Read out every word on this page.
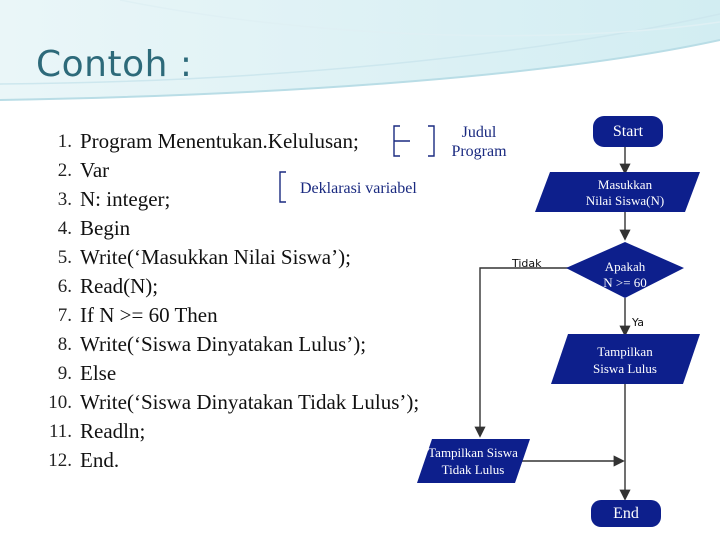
Contoh :
1. Program Menentukan.Kelulusan;
2. Var
3. N: integer;
4. Begin
5. Write(‘Masukkan Nilai Siswa’);
6. Read(N);
7. If N >= 60 Then
8. Write(‘Siswa Dinyatakan Lulus’);
9. Else
10. Write(‘Siswa Dinyatakan Tidak Lulus’);
11. Readln;
12. End.
Judul
Program
Deklarasi variabel
Start
Masukkan
Nilai Siswa(N)
Apakah
N >= 60
Tampilkan
Siswa Lulus
Tampilkan Siswa
Tidak Lulus
End
Tidak
Ya
